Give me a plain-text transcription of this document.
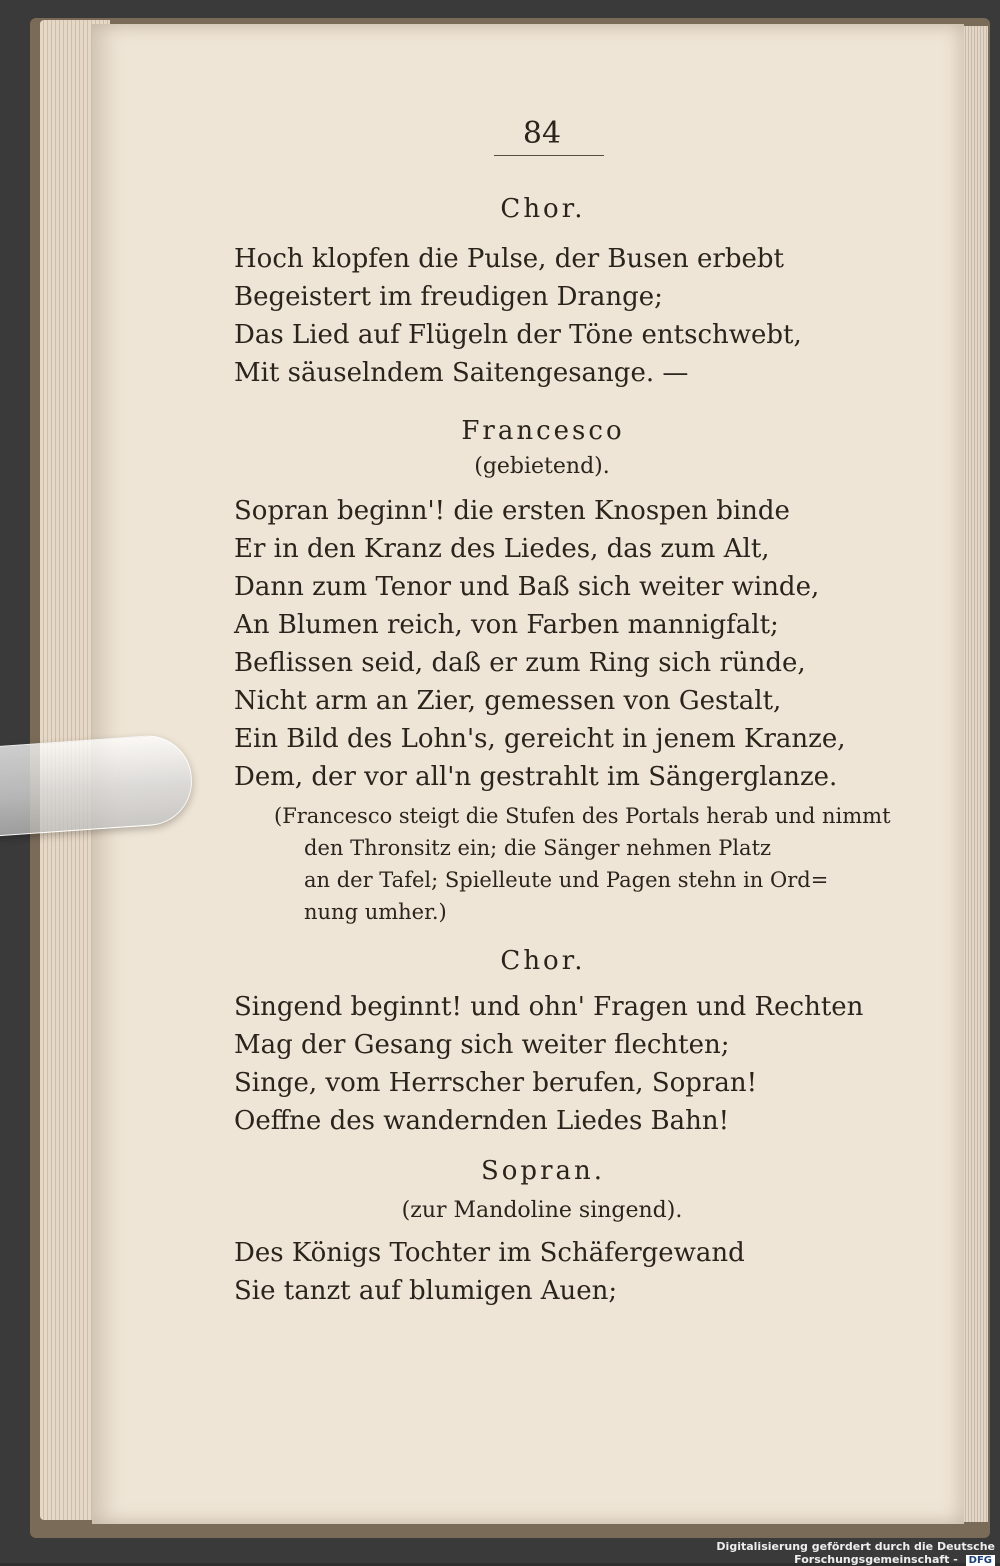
84
Chor.
Hoch klopfen die Pulse, der Busen erbebt
Begeistert im freudigen Drange;
Das Lied auf Flügeln der Töne entschwebt,
Mit säuselndem Saitengesange. —
Francesco
(gebietend).
Sopran beginn'! die ersten Knospen binde
Er in den Kranz des Liedes, das zum Alt,
Dann zum Tenor und Baß sich weiter winde,
An Blumen reich, von Farben mannigfalt;
Beflissen seid, daß er zum Ring sich ründe,
Nicht arm an Zier, gemessen von Gestalt,
Ein Bild des Lohn's, gereicht in jenem Kranze,
Dem, der vor all'n gestrahlt im Sängerglanze.
(Francesco steigt die Stufen des Portals herab und nimmt
den Thronsitz ein; die Sänger nehmen Platz
an der Tafel; Spielleute und Pagen stehn in Ord=
nung umher.)
Chor.
Singend beginnt! und ohn' Fragen und Rechten
Mag der Gesang sich weiter flechten;
Singe, vom Herrscher berufen, Sopran!
Oeffne des wandernden Liedes Bahn!
Sopran.
(zur Mandoline singend).
Des Königs Tochter im Schäfergewand
Sie tanzt auf blumigen Auen;
Digitalisierung gefördert durch die Deutsche Forschungsgemeinschaft - DFG
